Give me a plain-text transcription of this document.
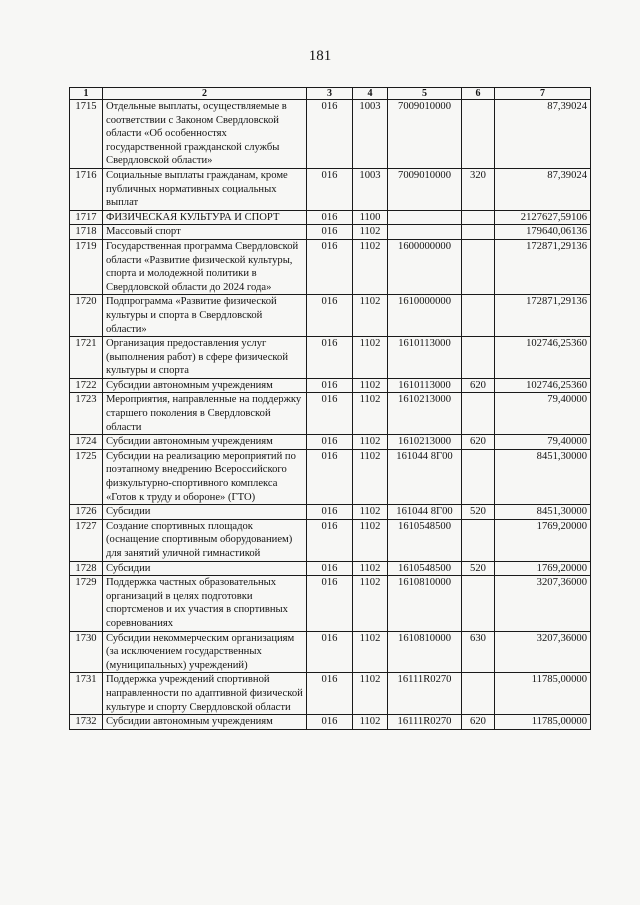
181
1	2	3	4	5	6	7
1715	Отдельные выплаты, осуществляемые в соответствии с Законом Свердловской области «Об особенностях государственной гражданской службы Свердловской области»	016	1003	7009010000		87,39024
1716	Социальные выплаты гражданам, кроме публичных нормативных социальных выплат	016	1003	7009010000	320	87,39024
1717	ФИЗИЧЕСКАЯ КУЛЬТУРА И СПОРТ	016	1100			2127627,59106
1718	Массовый спорт	016	1102			179640,06136
1719	Государственная программа Свердловской области «Развитие физической культуры, спорта и молодежной политики в Свердловской области до 2024 года»	016	1102	1600000000		172871,29136
1720	Подпрограмма «Развитие физической культуры и спорта в Свердловской области»	016	1102	1610000000		172871,29136
1721	Организация предоставления услуг (выполнения работ) в сфере физической культуры и спорта	016	1102	1610113000		102746,25360
1722	Субсидии автономным учреждениям	016	1102	1610113000	620	102746,25360
1723	Мероприятия, направленные на поддержку старшего поколения в Свердловской области	016	1102	1610213000		79,40000
1724	Субсидии автономным учреждениям	016	1102	1610213000	620	79,40000
1725	Субсидии на реализацию мероприятий по поэтапному внедрению Всероссийского физкультурно-спортивного комплекса «Готов к труду и обороне» (ГТО)	016	1102	161044 8Г00		8451,30000
1726	Субсидии	016	1102	161044 8Г00	520	8451,30000
1727	Создание спортивных площадок (оснащение спортивным оборудованием) для занятий уличной гимнастикой	016	1102	1610548500		1769,20000
1728	Субсидии	016	1102	1610548500	520	1769,20000
1729	Поддержка частных образовательных организаций в целях подготовки спортсменов и их участия в спортивных соревнованиях	016	1102	1610810000		3207,36000
1730	Субсидии некоммерческим организациям (за исключением государственных (муниципальных) учреждений)	016	1102	1610810000	630	3207,36000
1731	Поддержка учреждений спортивной направленности по адаптивной физической культуре и спорту Свердловской области	016	1102	16111R0270		11785,00000
1732	Субсидии автономным учреждениям	016	1102	16111R0270	620	11785,00000
